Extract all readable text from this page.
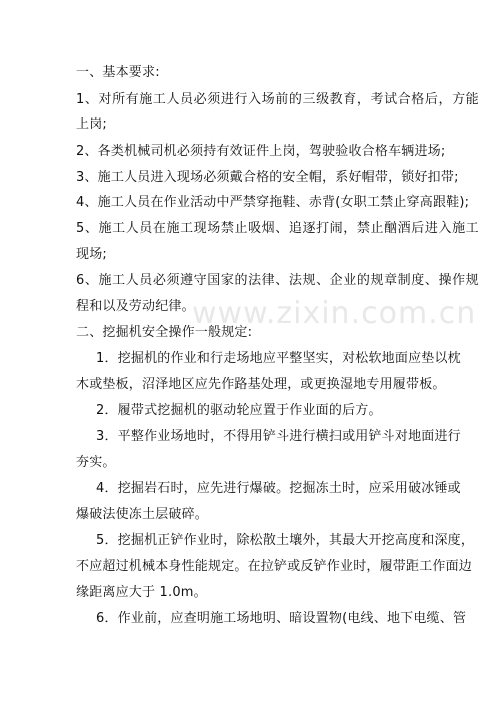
一、基本要求:
1、对所有施工人员必须进行入场前的三级教育，考试合格后，方能
上岗;
2、各类机械司机必须持有效证件上岗，驾驶验收合格车辆进场;
3、施工人员进入现场必须戴合格的安全帽，系好帽带，锁好扣带;
4、施工人员在作业活动中严禁穿拖鞋、赤背(女职工禁止穿高跟鞋);
5、施工人员在施工现场禁止吸烟、追逐打闹，禁止酗酒后进入施工
现场;
6、施工人员必须遵守国家的法律、法规、企业的规章制度、操作规
程和以及劳动纪律。
二、挖掘机安全操作一般规定:
1．挖掘机的作业和行走场地应平整坚实，对松软地面应垫以枕
木或垫板，沼泽地区应先作路基处理，或更换湿地专用履带板。
2．履带式挖掘机的驱动轮应置于作业面的后方。
3．平整作业场地时，不得用铲斗进行横扫或用铲斗对地面进行
夯实。
4．挖掘岩石时，应先进行爆破。挖掘冻土时，应采用破冰锤或
爆破法使冻土层破碎。
5．挖掘机正铲作业时，除松散土壤外，其最大开挖高度和深度，
不应超过机械本身性能规定。在拉铲或反铲作业时，履带距工作面边
缘距离应大于 1.0m。
6．作业前，应查明施工场地明、暗设置物(电线、地下电缆、管
www.zixin.com.cn
